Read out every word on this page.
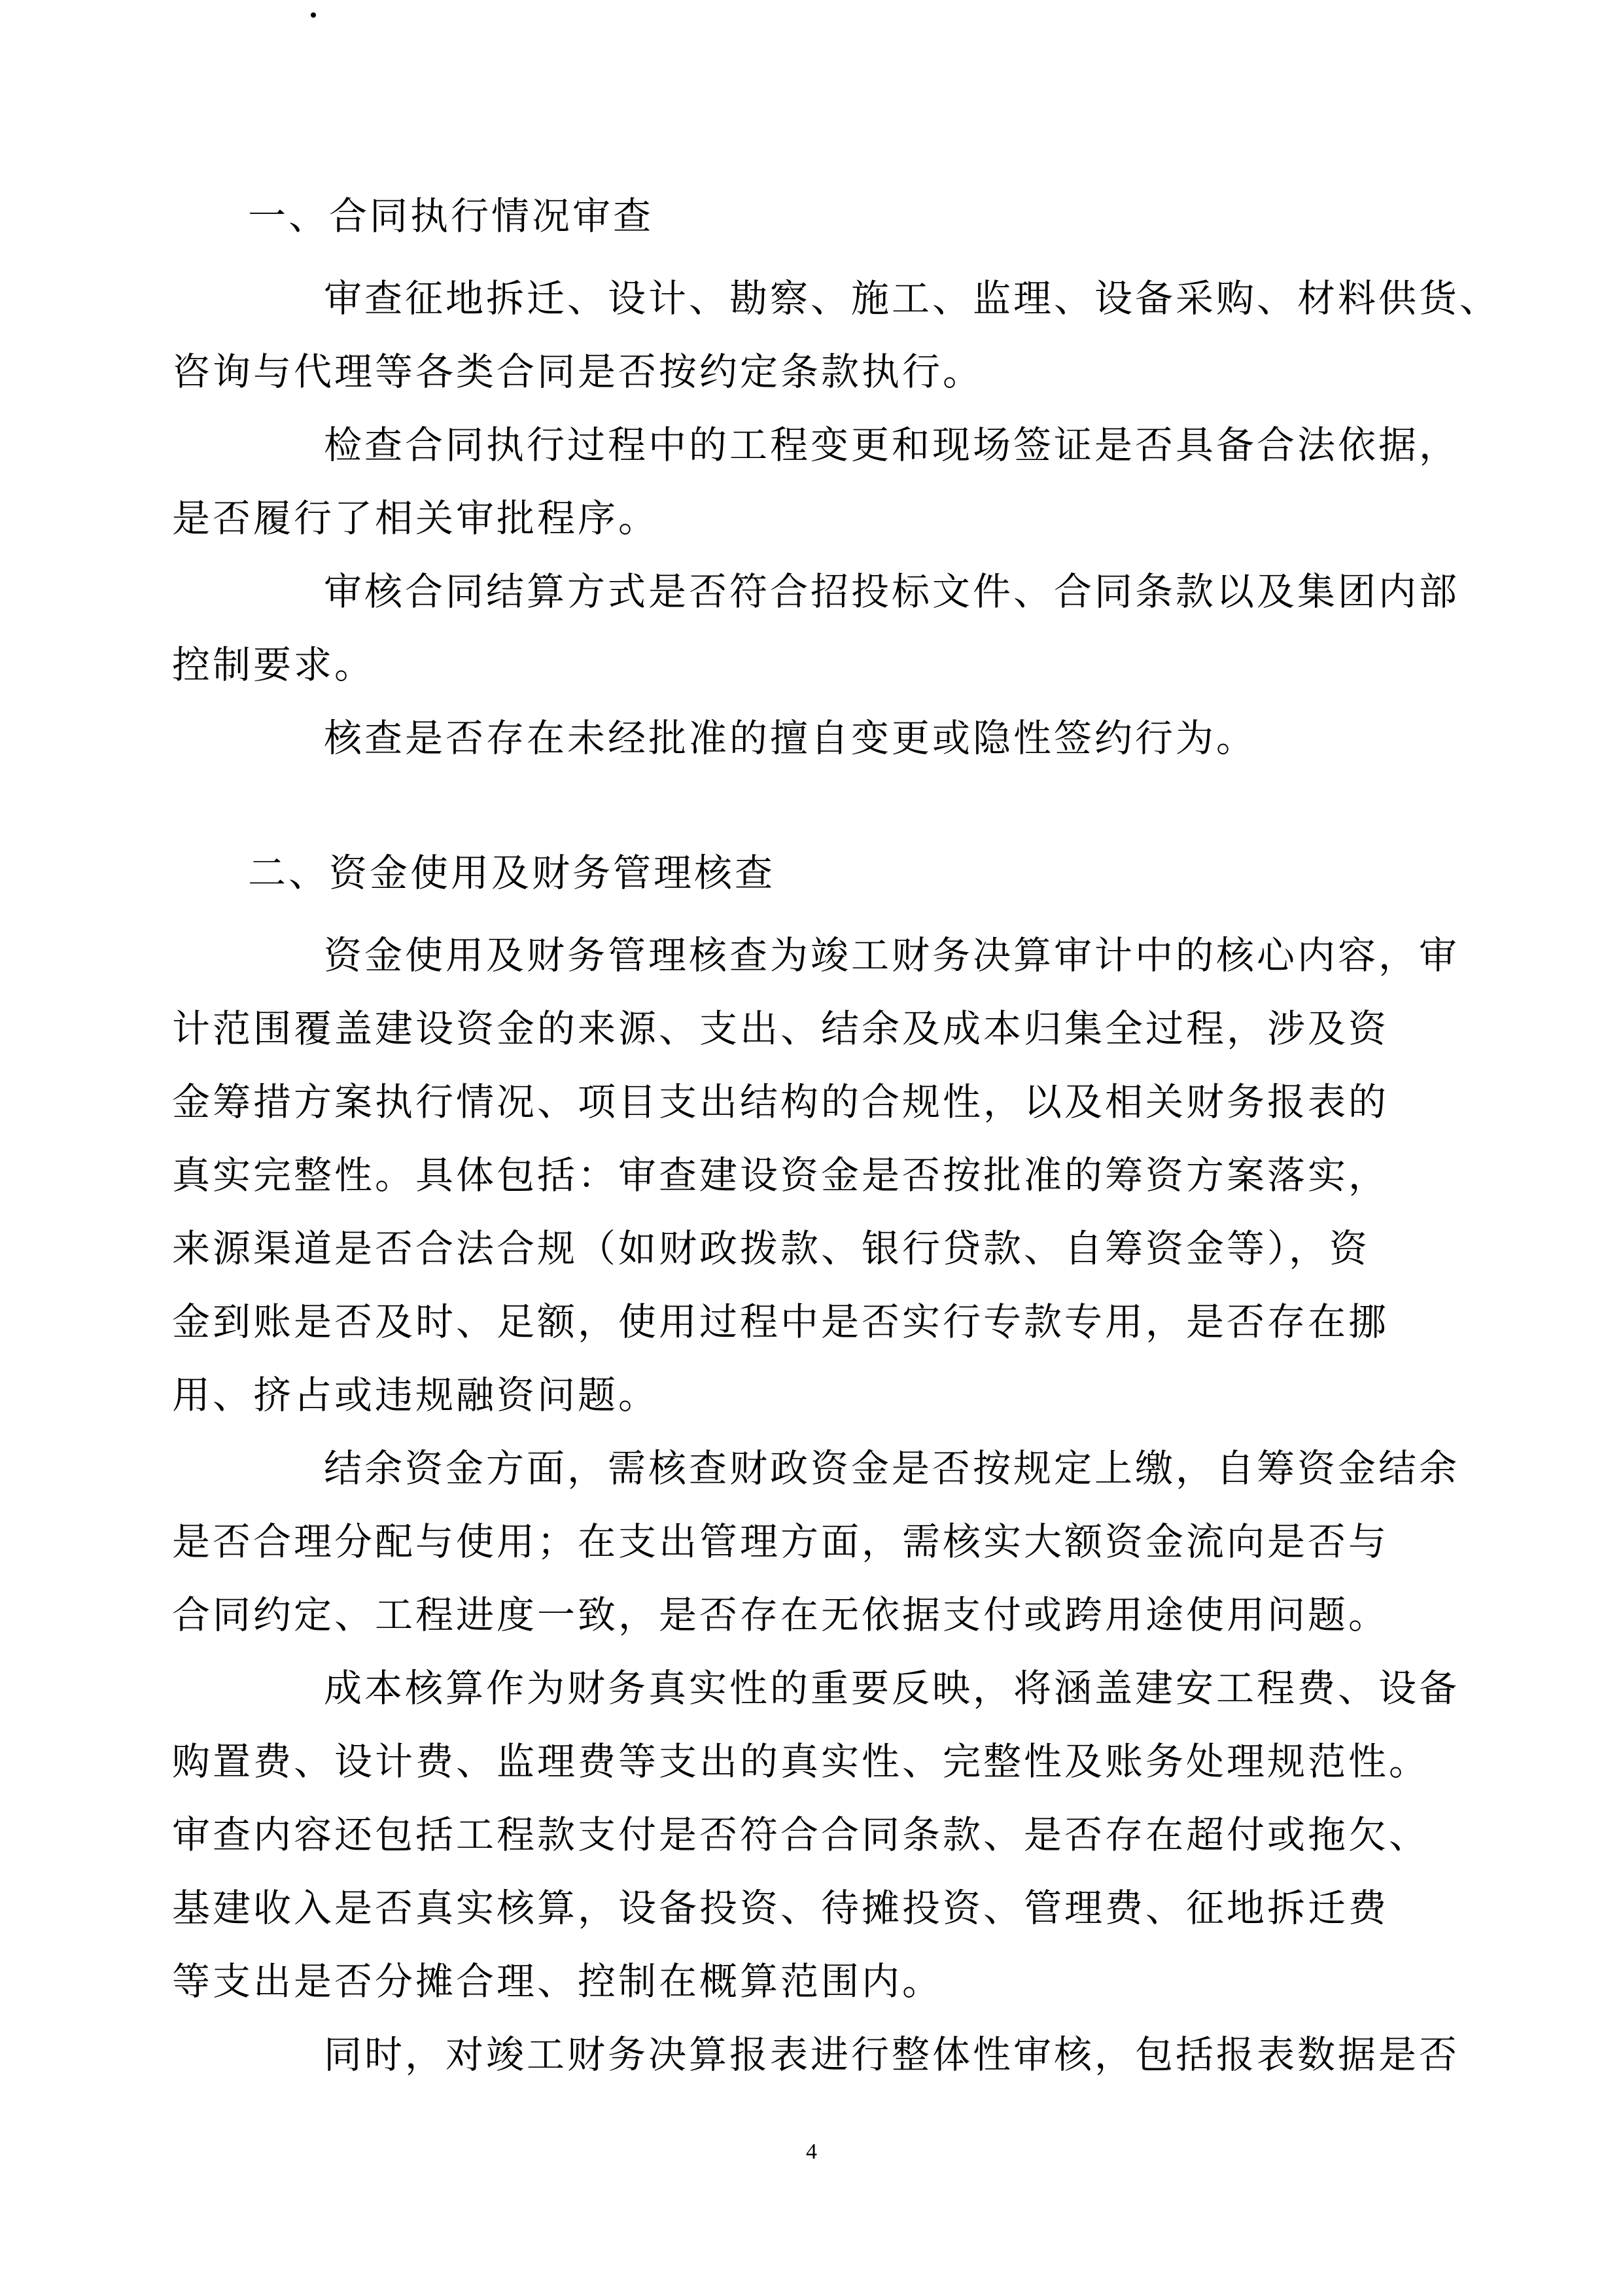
一、合同执行情况审查

审查征地拆迁、设计、勘察、施工、监理、设备采购、材料供货、
咨询与代理等各类合同是否按约定条款执行。

检查合同执行过程中的工程变更和现场签证是否具备合法依据，
是否履行了相关审批程序。

审核合同结算方式是否符合招投标文件、合同条款以及集团内部
控制要求。

核查是否存在未经批准的擅自变更或隐性签约行为。

二、资金使用及财务管理核查

资金使用及财务管理核查为竣工财务决算审计中的核心内容，审
计范围覆盖建设资金的来源、支出、结余及成本归集全过程，涉及资
金筹措方案执行情况、项目支出结构的合规性，以及相关财务报表的
真实完整性。具体包括：审查建设资金是否按批准的筹资方案落实，
来源渠道是否合法合规（如财政拨款、银行贷款、自筹资金等），资
金到账是否及时、足额，使用过程中是否实行专款专用，是否存在挪
用、挤占或违规融资问题。

结余资金方面，需核查财政资金是否按规定上缴，自筹资金结余
是否合理分配与使用；在支出管理方面，需核实大额资金流向是否与
合同约定、工程进度一致，是否存在无依据支付或跨用途使用问题。

成本核算作为财务真实性的重要反映，将涵盖建安工程费、设备
购置费、设计费、监理费等支出的真实性、完整性及账务处理规范性。
审查内容还包括工程款支付是否符合合同条款、是否存在超付或拖欠、
基建收入是否真实核算，设备投资、待摊投资、管理费、征地拆迁费
等支出是否分摊合理、控制在概算范围内。

同时，对竣工财务决算报表进行整体性审核，包括报表数据是否

4
